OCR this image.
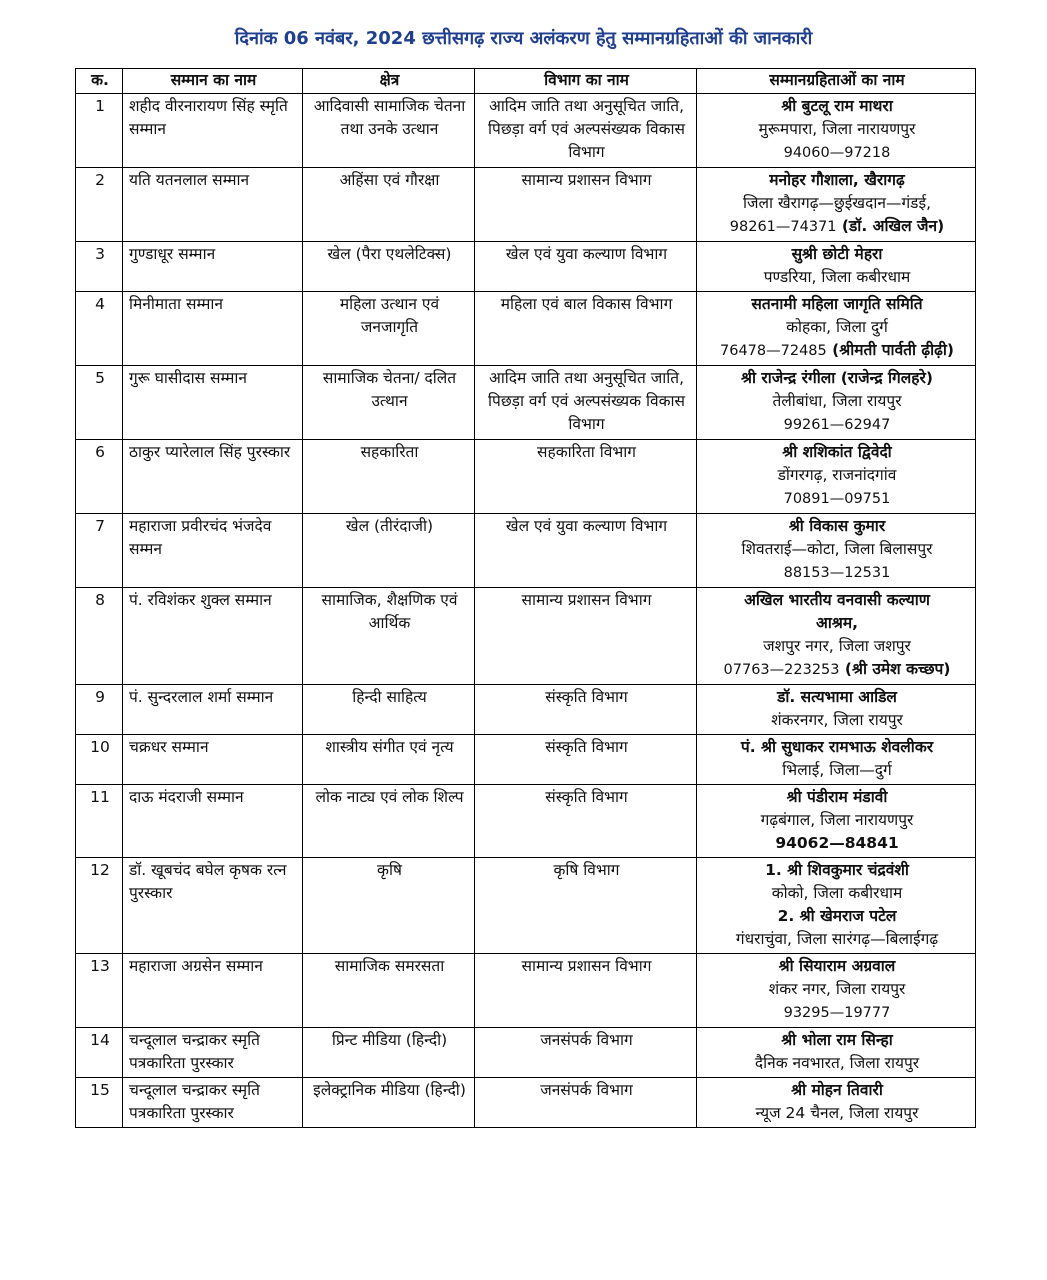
दिनांक 06 नवंबर, 2024 छत्तीसगढ़ राज्य अलंकरण हेतु सम्मानग्रहिताओं की जानकारी
क.	सम्मान का नाम	क्षेत्र	विभाग का नाम	सम्मानग्रहिताओं का नाम
1	शहीद वीरनारायण सिंह स्मृति सम्मान	आदिवासी सामाजिक चेतना तथा उनके उत्थान	आदिम जाति तथा अनुसूचित जाति, पिछड़ा वर्ग एवं अल्पसंख्यक विकास विभाग	श्री बुटलू राम माथरा
मुरूमपारा, जिला नारायणपुर
94060—97218

2	यति यतनलाल सम्मान	अहिंसा एवं गौरक्षा	सामान्य प्रशासन विभाग	मनोहर गौशाला, खैरागढ़
जिला खैरागढ़—छुईखदान—गंडई,
98261—74371 (डॉ. अखिल जैन)

3	गुण्डाधूर सम्मान	खेल (पैरा एथलेटिक्स)	खेल एवं युवा कल्याण विभाग	सुश्री छोटी मेहरा
पण्डरिया, जिला कबीरधाम

4	मिनीमाता सम्मान	महिला उत्थान एवं जनजागृति	महिला एवं बाल विकास विभाग	सतनामी महिला जागृति समिति
कोहका, जिला दुर्ग
76478—72485 (श्रीमती पार्वती ढ़ीढ़ी)

5	गुरू घासीदास सम्मान	सामाजिक चेतना/ दलित उत्थान	आदिम जाति तथा अनुसूचित जाति, पिछड़ा वर्ग एवं अल्पसंख्यक विकास विभाग	श्री राजेन्द्र रंगीला (राजेन्द्र गिलहरे)
तेलीबांधा, जिला रायपुर
99261—62947

6	ठाकुर प्यारेलाल सिंह पुरस्कार	सहकारिता	सहकारिता विभाग	श्री शशिकांत द्विवेदी
डोंगरगढ़, राजनांदगांव
70891—09751

7	महाराजा प्रवीरचंद भंजदेव सम्मन	खेल (तीरंदाजी)	खेल एवं युवा कल्याण विभाग	श्री विकास कुमार
शिवतराई—कोटा, जिला बिलासपुर
88153—12531

8	पं. रविशंकर शुक्ल सम्मान	सामाजिक, शैक्षणिक एवं आर्थिक	सामान्य प्रशासन विभाग	अखिल भारतीय वनवासी कल्याण
आश्रम,
जशपुर नगर, जिला जशपुर
07763—223253 (श्री उमेश कच्छप)

9	पं. सुन्दरलाल शर्मा सम्मान	हिन्दी साहित्य	संस्कृति विभाग	डॉ. सत्यभामा आडिल
शंकरनगर, जिला रायपुर

10	चक्रधर सम्मान	शास्त्रीय संगीत एवं नृत्य	संस्कृति विभाग	पं. श्री सुधाकर रामभाऊ शेवलीकर
भिलाई, जिला—दुर्ग

11	दाऊ मंदराजी सम्मान	लोक नाट्य एवं लोक शिल्प	संस्कृति विभाग	श्री पंडीराम मंडावी
गढ़बंगाल, जिला नारायणपुर
94062—84841

12	डॉ. खूबचंद बघेल कृषक रत्न पुरस्कार	कृषि	कृषि विभाग	1. श्री शिवकुमार चंद्रवंशी
कोको, जिला कबीरधाम
2. श्री खेमराज पटेल
गंधराचुंवा, जिला सारंगढ़—बिलाईगढ़

13	महाराजा अग्रसेन सम्मान	सामाजिक समरसता	सामान्य प्रशासन विभाग	श्री सियाराम अग्रवाल
शंकर नगर, जिला रायपुर
93295—19777

14	चन्दूलाल चन्द्राकर स्मृति पत्रकारिता पुरस्कार	प्रिन्ट मीडिया (हिन्दी)	जनसंपर्क विभाग	श्री भोला राम सिन्हा
दैनिक नवभारत, जिला रायपुर

15	चन्दूलाल चन्द्राकर स्मृति पत्रकारिता पुरस्कार	इलेक्ट्रानिक मीडिया (हिन्दी)	जनसंपर्क विभाग	श्री मोहन तिवारी
न्यूज 24 चैनल, जिला रायपुर
